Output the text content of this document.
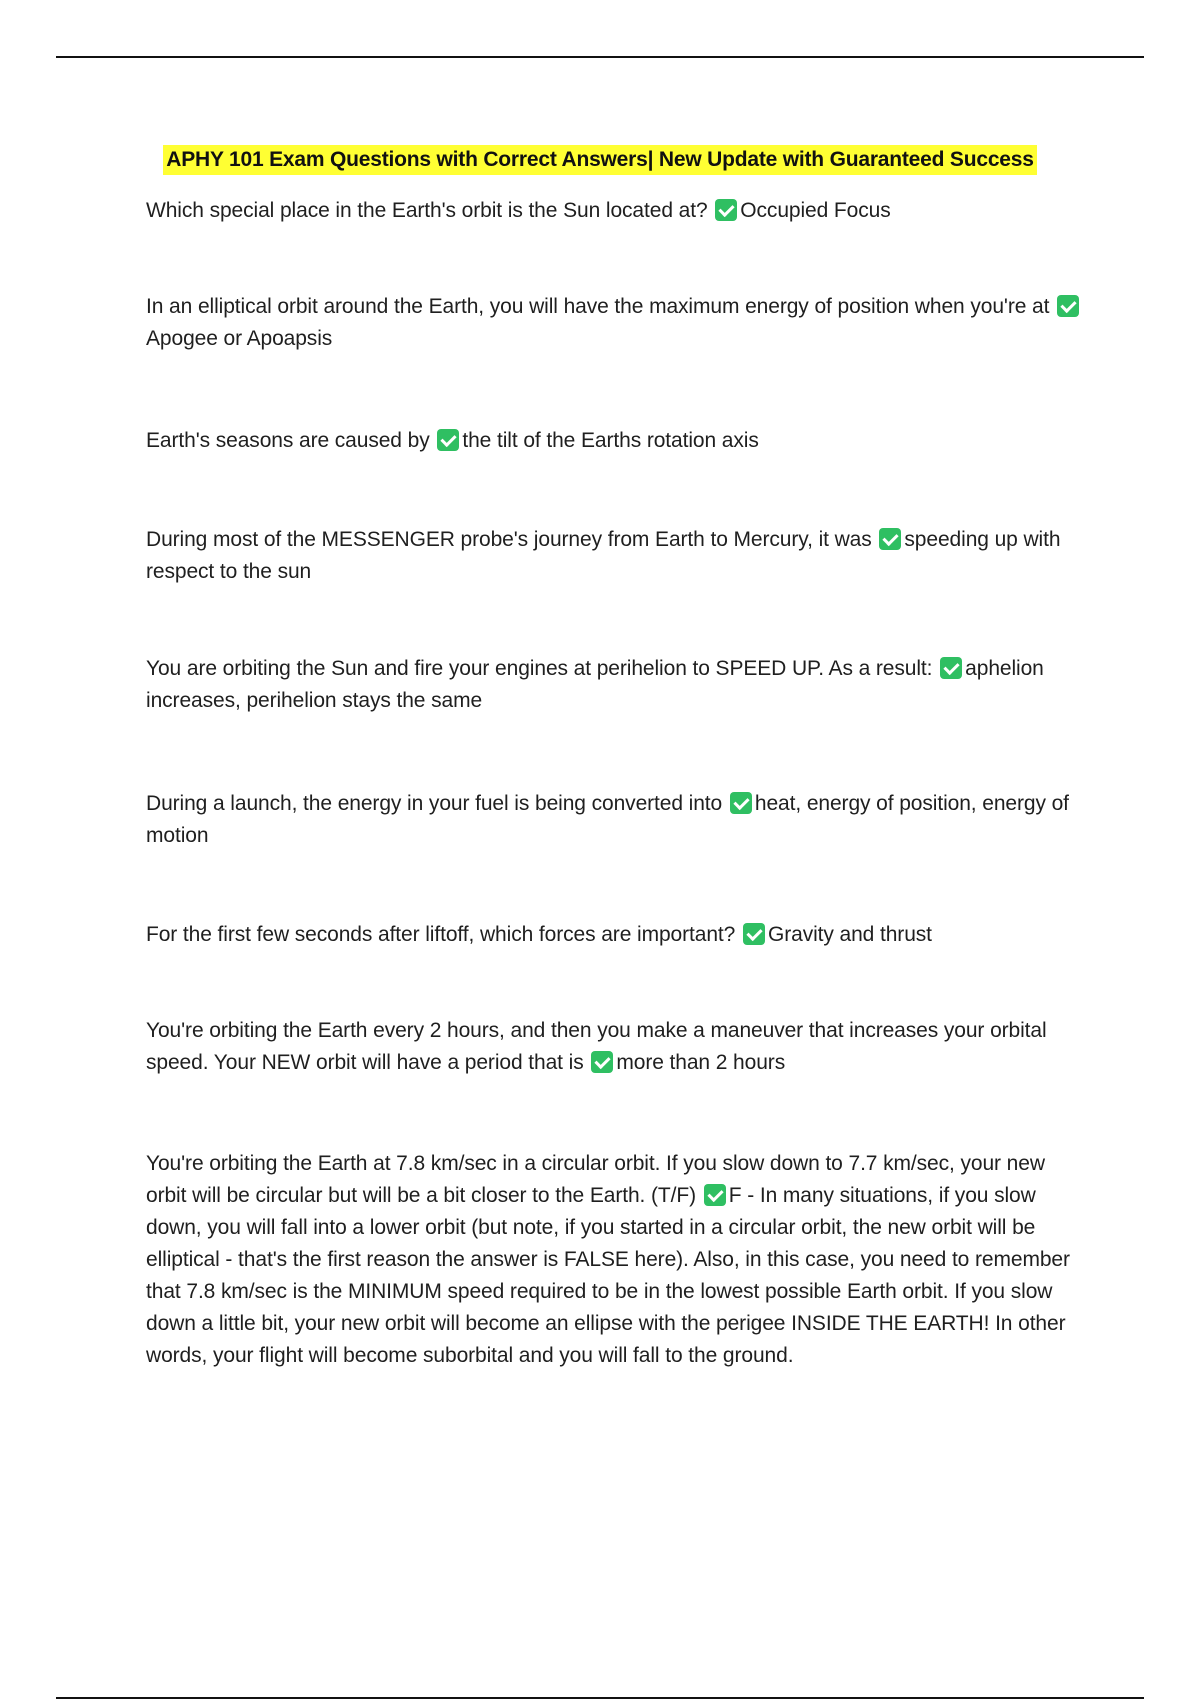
APHY 101 Exam Questions with Correct Answers| New Update with Guaranteed Success

Which special place in the Earth's orbit is the Sun located at? Occupied Focus

In an elliptical orbit around the Earth, you will have the maximum energy of position when you're at Apogee or Apoapsis

Earth's seasons are caused by the tilt of the Earths rotation axis

During most of the MESSENGER probe's journey from Earth to Mercury, it was speeding up with respect to the sun

You are orbiting the Sun and fire your engines at perihelion to SPEED UP. As a result: aphelion increases, perihelion stays the same

During a launch, the energy in your fuel is being converted into heat, energy of position, energy of motion

For the first few seconds after liftoff, which forces are important? Gravity and thrust

You're orbiting the Earth every 2 hours, and then you make a maneuver that increases your orbital speed. Your NEW orbit will have a period that is more than 2 hours

You're orbiting the Earth at 7.8 km/sec in a circular orbit. If you slow down to 7.7 km/sec, your new orbit will be circular but will be a bit closer to the Earth. (T/F) F - In many situations, if you slow down, you will fall into a lower orbit (but note, if you started in a circular orbit, the new orbit will be elliptical - that's the first reason the answer is FALSE here). Also, in this case, you need to remember that 7.8 km/sec is the MINIMUM speed required to be in the lowest possible Earth orbit. If you slow down a little bit, your new orbit will become an ellipse with the perigee INSIDE THE EARTH! In other words, your flight will become suborbital and you will fall to the ground.
